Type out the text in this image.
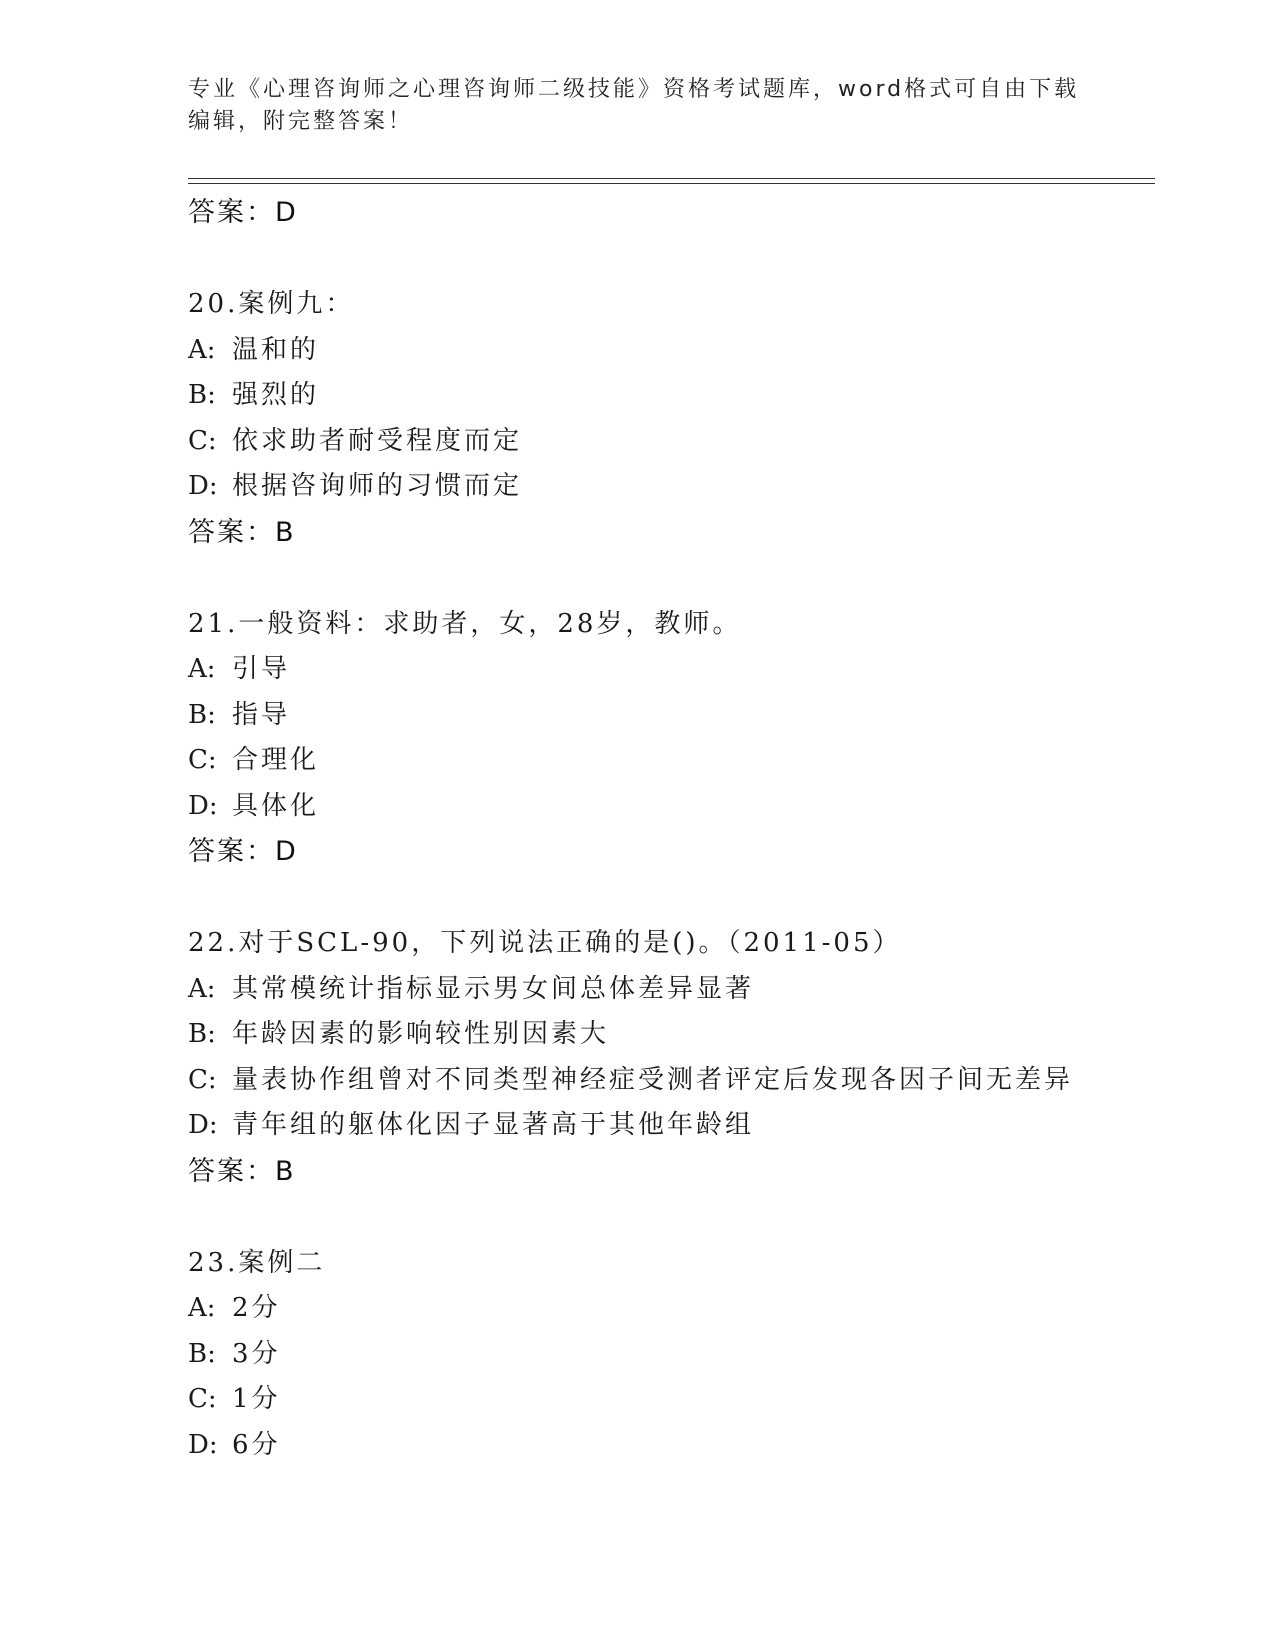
专业《心理咨询师之心理咨询师二级技能》资格考试题库，word格式可自由下载
编辑，附完整答案！
答案：D
20.案例九：
A: 温和的
B: 强烈的
C: 依求助者耐受程度而定
D: 根据咨询师的习惯而定
答案：B
21.一般资料：求助者，女，28岁，教师。
A: 引导
B: 指导
C: 合理化
D: 具体化
答案：D
22.对于SCL-90，下列说法正确的是()。（2011-05）
A: 其常模统计指标显示男女间总体差异显著
B: 年龄因素的影响较性别因素大
C: 量表协作组曾对不同类型神经症受测者评定后发现各因子间无差异
D: 青年组的躯体化因子显著高于其他年龄组
答案：B
23.案例二
A: 2分
B: 3分
C: 1分
D: 6分
